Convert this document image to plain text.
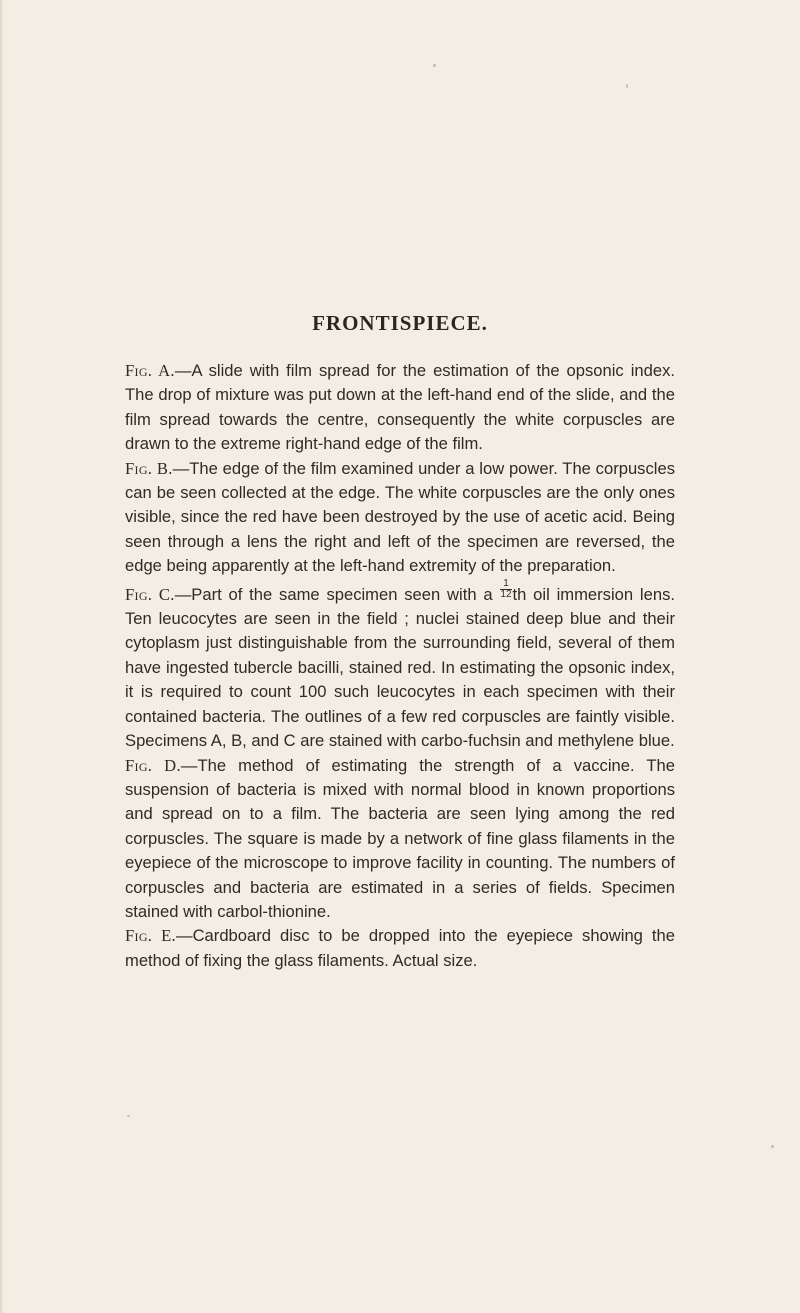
FRONTISPIECE.

Fig. A.—A slide with film spread for the estimation of the opsonic index. The drop of mixture was put down at the left-hand end of the slide, and the film spread towards the centre, consequently the white corpuscles are drawn to the extreme right-hand edge of the film.

Fig. B.—The edge of the film examined under a low power. The corpuscles can be seen collected at the edge. The white corpuscles are the only ones visible, since the red have been destroyed by the use of acetic acid. Being seen through a lens the right and left of the specimen are reversed, the edge being apparently at the left-hand extremity of the preparation.

Fig. C.—Part of the same specimen seen with a $\frac{1}{12}$ th oil immersion lens. Ten leucocytes are seen in the field ; nuclei stained deep blue and their cytoplasm just distinguishable from the surrounding field, several of them have ingested tubercle bacilli, stained red. In estimating the opsonic index, it is required to count 100 such leucocytes in each specimen with their contained bacteria. The outlines of a few red corpuscles are faintly visible. Specimens A, B, and C are stained with carbo-fuchsin and methylene blue.

Fig. D.—The method of estimating the strength of a vaccine. The suspension of bacteria is mixed with normal blood in known proportions and spread on to a film. The bacteria are seen lying among the red corpuscles. The square is made by a network of fine glass filaments in the eyepiece of the microscope to improve facility in counting. The numbers of corpuscles and bacteria are estimated in a series of fields. Specimen stained with carbol-thionine.

Fig. E.—Cardboard disc to be dropped into the eyepiece showing the method of fixing the glass filaments. Actual size.
